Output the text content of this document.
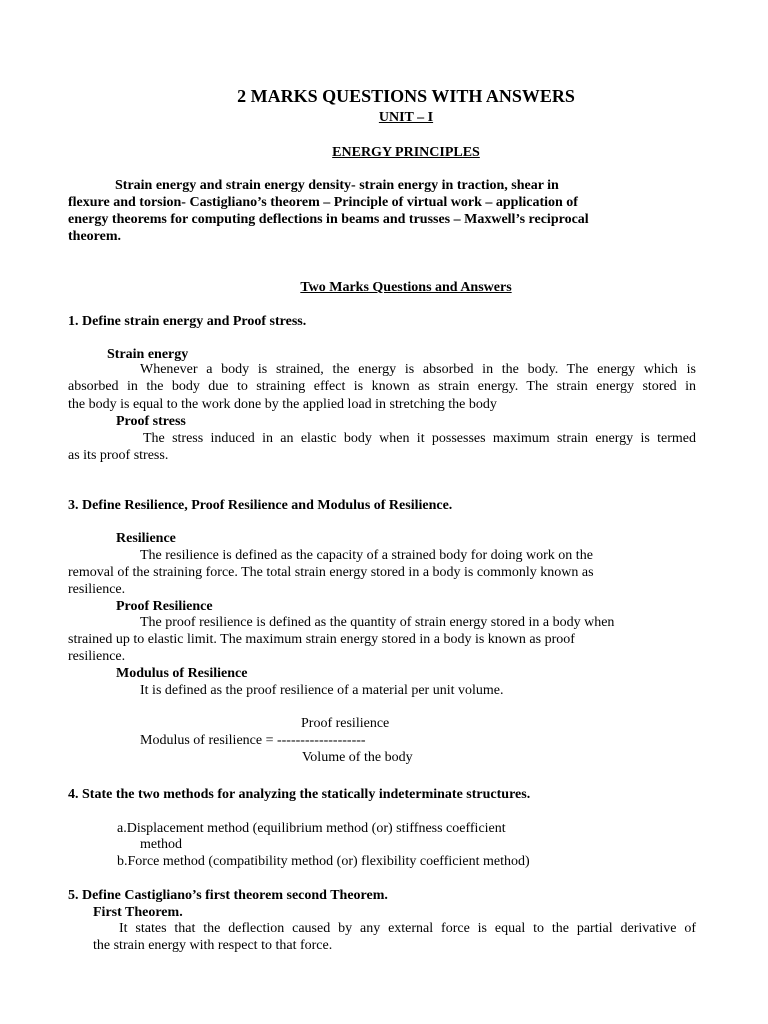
2 MARKS QUESTIONS WITH ANSWERS
UNIT – I
ENERGY PRINCIPLES
Strain energy and strain energy density- strain energy in traction, shear in
flexure and torsion- Castigliano’s theorem – Principle of virtual work – application of
energy theorems for computing deflections in beams and trusses – Maxwell’s reciprocal
theorem.
Two Marks Questions and Answers
1. Define strain energy and Proof stress.
Strain energy
Whenever a body is strained, the energy is absorbed in the body. The energy which is
absorbed in the body due to straining effect is known as strain energy. The strain energy stored in
the body is equal to the work done by the applied load in stretching the body
Proof stress
The stress induced in an elastic body when it possesses maximum strain energy is termed
as its proof stress.
3. Define Resilience, Proof Resilience and Modulus of Resilience.
Resilience
The resilience is defined as the capacity of a strained body for doing work on the
removal of the straining force. The total strain energy stored in a body is commonly known as
resilience.
Proof Resilience
The proof resilience is defined as the quantity of strain energy stored in a body when
strained up to elastic limit. The maximum strain energy stored in a body is known as proof
resilience.
Modulus of Resilience
It is defined as the proof resilience of a material per unit volume.
Proof resilience
Modulus of resilience = -------------------
Volume of the body
4. State the two methods for analyzing the statically indeterminate structures.
a.Displacement method (equilibrium method (or) stiffness coefficient
method
b.Force method (compatibility method (or) flexibility coefficient method)
5. Define Castigliano’s first theorem second Theorem.
First Theorem.
It states that the deflection caused by any external force is equal to the partial derivative of
the strain energy with respect to that force.
